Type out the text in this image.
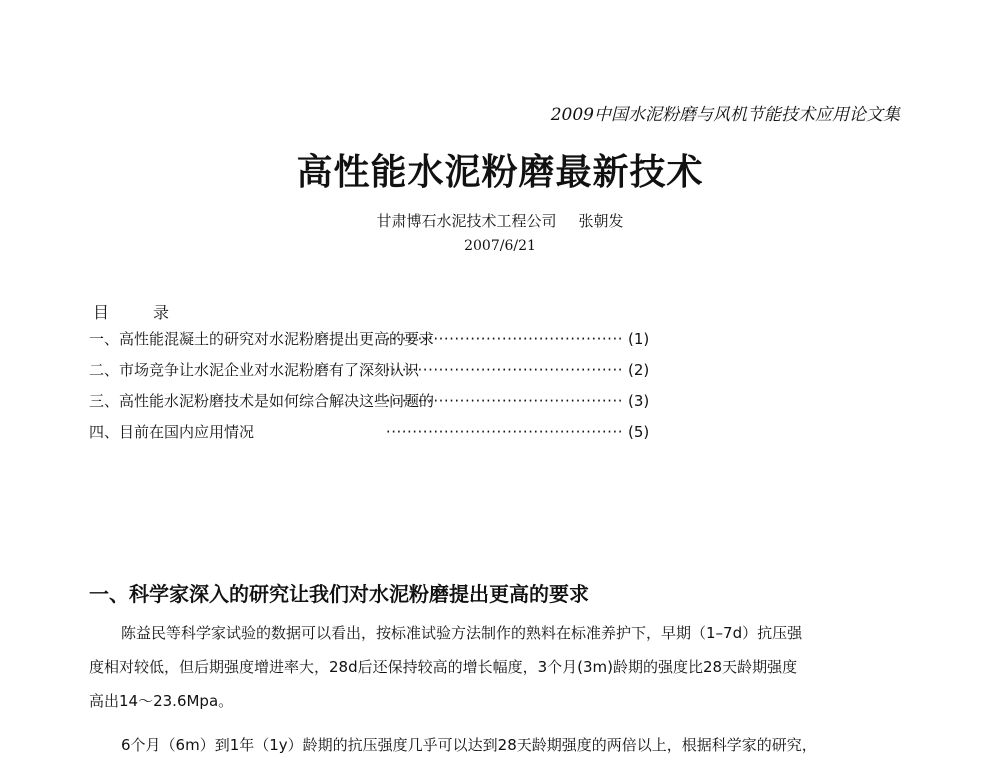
2009中国水泥粉磨与风机节能技术应用论文集
高性能水泥粉磨最新技术
甘肃博石水泥技术工程公司 张朝发
2007/6/21
目	录
一、高性能混凝土的研究对水泥粉磨提出更高的要求
············································· (1)
二、市场竞争让水泥企业对水泥粉磨有了深刻认识
············································· (2)
三、高性能水泥粉磨技术是如何综合解决这些问题的
············································· (3)
四、目前在国内应用情况	············································· (5)
一、科学家深入的研究让我们对水泥粉磨提出更高的要求

陈益民等科学家试验的数据可以看出，按标准试验方法制作的熟料在标准养护下，早期（1–7d）抗压强
度相对较低，但后期强度增进率大，28d后还保持较高的增长幅度，3个月(3m)龄期的强度比28天龄期强度
高出14～23.6Mpa。

6个月（6m）到1年（1y）龄期的抗压强度几乎可以达到28天龄期强度的两倍以上，根据科学家的研究，
